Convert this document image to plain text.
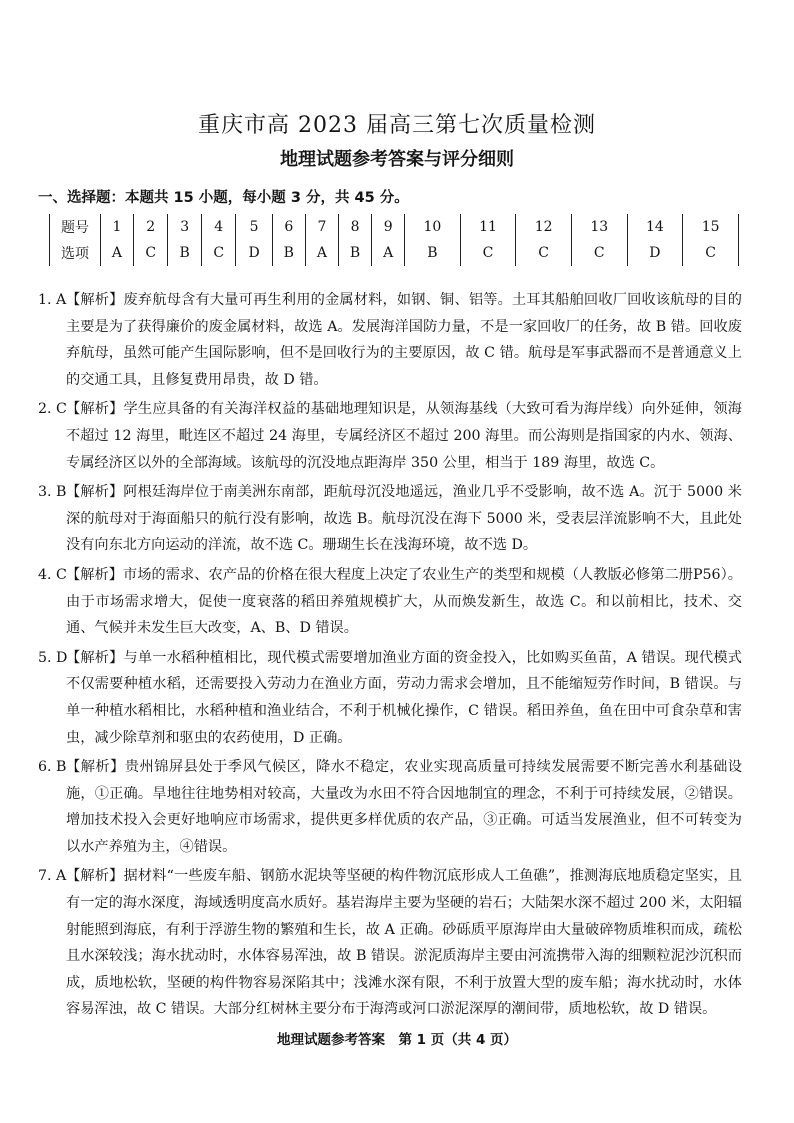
重庆市高 2023 届高三第七次质量检测
地理试题参考答案与评分细则
一、选择题：本题共 15 小题，每小题 3 分，共 45 分。
题号	1	2	3	4	5	6	7	8	9	10	11	12	13	14	15
选项	A	C	B	C	D	B	A	B	A	B	C	C	C	D	C
1. A 【解析】废弃航母含有大量可再生利用的金属材料，如钢、铜、铝等。土耳其船舶回收厂回收该航母的目的主要是为了获得廉价的废金属材料，故选 A。发展海洋国防力量，不是一家回收厂的任务，故 B 错。回收废弃航母，虽然可能产生国际影响，但不是回收行为的主要原因，故 C 错。航母是军事武器而不是普通意义上的交通工具，且修复费用昂贵，故 D 错。
2. C 【解析】学生应具备的有关海洋权益的基础地理知识是，从领海基线（大致可看为海岸线）向外延伸，领海不超过 12 海里，毗连区不超过 24 海里，专属经济区不超过 200 海里。而公海则是指国家的内水、领海、专属经济区以外的全部海域。该航母的沉没地点距海岸 350 公里，相当于 189 海里，故选 C。
3. B 【解析】阿根廷海岸位于南美洲东南部，距航母沉没地遥远，渔业几乎不受影响，故不选 A。沉于 5000 米深的航母对于海面船只的航行没有影响，故选 B。航母沉没在海下 5000 米，受表层洋流影响不大，且此处没有向东北方向运动的洋流，故不选 C。珊瑚生长在浅海环境，故不选 D。
4. C 【解析】市场的需求、农产品的价格在很大程度上决定了农业生产的类型和规模（人教版必修第二册P56）。由于市场需求增大，促使一度衰落的稻田养殖规模扩大，从而焕发新生，故选 C。和以前相比，技术、交通、气候并未发生巨大改变，A、B、D 错误。
5. D
【解析】与单一水稻种植相比，现代模式需要增加渔业方面的资金投入，比如购买鱼苗，A 错误。现代模式不仅需要种植水稻，还需要投入劳动力在渔业方面，劳动力需求会增加，且不能缩短劳作时间，B 错误。与单一种植水稻相比，水稻种植和渔业结合，不利于机械化操作，C 错误。稻田养鱼，鱼在田中可食杂草和害虫，减少除草剂和驱虫的农药使用，D 正确。
6. B 【解析】贵州锦屏县处于季风气候区，降水不稳定，农业实现高质量可持续发展需要不断完善水利基础设施，①正确。旱地往往地势相对较高，大量改为水田不符合因地制宜的理念，不利于可持续发展，②错误。增加技术投入会更好地响应市场需求，提供更多样优质的农产品，③正确。可适当发展渔业，但不可转变为以水产养殖为主，④错误。
7. A 【解析】据材料“一些废车船、钢筋水泥块等坚硬的构件物沉底形成人工鱼礁”，推测海底地质稳定坚实，且有一定的海水深度，海域透明度高水质好。基岩海岸主要为坚硬的岩石；大陆架水深不超过 200 米，太阳辐射能照到海底，有利于浮游生物的繁殖和生长，故 A 正确。砂砾质平原海岸由大量破碎物质堆积而成，疏松且水深较浅；海水扰动时，水体容易浑浊，故 B 错误。淤泥质海岸主要由河流携带入海的细颗粒泥沙沉积而成，质地松软，坚硬的构件物容易深陷其中；浅滩水深有限，不利于放置大型的废车船；海水扰动时，水体容易浑浊，故 C 错误。大部分红树林主要分布于海湾或河口淤泥深厚的潮间带，质地松软，故 D 错误。
地理试题参考答案　第 1 页（共 4 页）
